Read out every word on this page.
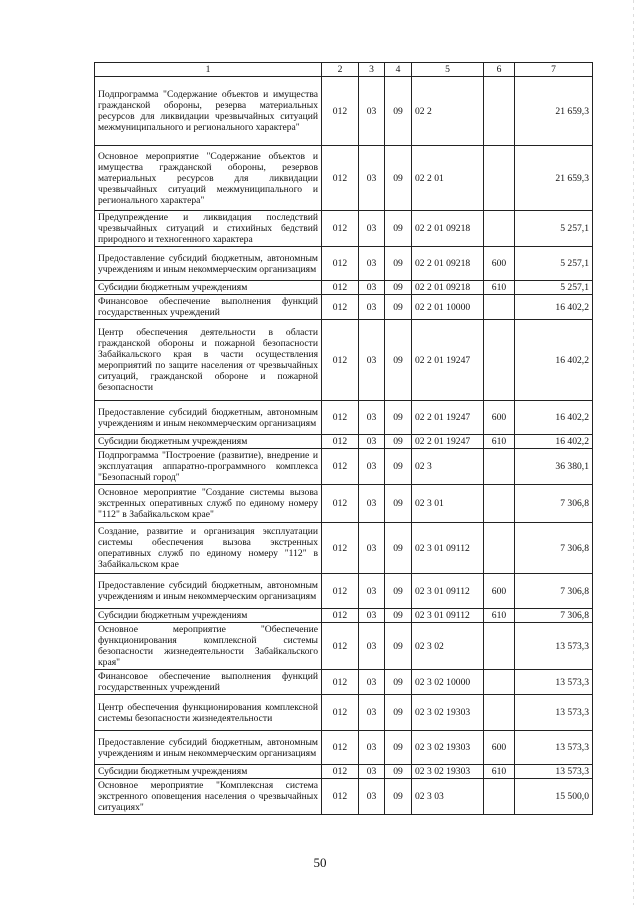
1	2	3	4	5	6	7
Подпрограмма "Содержание объектов и имущества гражданской обороны, резерва материальных ресурсов для ликвидации чрезвычайных ситуаций межмуниципального и регионального характера"	012	03	09	02 2		21 659,3
Основное мероприятие "Содержание объектов и имущества гражданской обороны, резервов материальных ресурсов для ликвидации чрезвычайных ситуаций межмуниципального и регионального характера"	012	03	09	02 2 01		21 659,3
Предупреждение и ликвидация последствий чрезвычайных ситуаций и стихийных бедствий природного и техногенного характера	012	03	09	02 2 01 09218		5 257,1
Предоставление субсидий бюджетным, автономным учреждениям и иным некоммерческим организациям	012	03	09	02 2 01 09218	600	5 257,1
Субсидии бюджетным учреждениям	012	03	09	02 2 01 09218	610	5 257,1
Финансовое обеспечение выполнения функций государственных учреждений	012	03	09	02 2 01 10000		16 402,2
Центр обеспечения деятельности в области гражданской обороны и пожарной безопасности Забайкальского края в части осуществления мероприятий по защите населения от чрезвычайных ситуаций, гражданской обороне и пожарной безопасности	012	03	09	02 2 01 19247		16 402,2
Предоставление субсидий бюджетным, автономным учреждениям и иным некоммерческим организациям	012	03	09	02 2 01 19247	600	16 402,2
Субсидии бюджетным учреждениям	012	03	09	02 2 01 19247	610	16 402,2
Подпрограмма "Построение (развитие), внедрение и эксплуатация аппаратно-программного комплекса "Безопасный город"	012	03	09	02 3		36 380,1
Основное мероприятие "Создание системы вызова экстренных оперативных служб по единому номеру "112" в Забайкальском крае"	012	03	09	02 3 01		7 306,8
Создание, развитие и организация эксплуатации системы обеспечения вызова экстренных оперативных служб по единому номеру "112" в Забайкальском крае	012	03	09	02 3 01 09112		7 306,8
Предоставление субсидий бюджетным, автономным учреждениям и иным некоммерческим организациям	012	03	09	02 3 01 09112	600	7 306,8
Субсидии бюджетным учреждениям	012	03	09	02 3 01 09112	610	7 306,8
Основное мероприятие "Обеспечение функционирования комплексной системы безопасности жизнедеятельности Забайкальского края"	012	03	09	02 3 02		13 573,3
Финансовое обеспечение выполнения функций государственных учреждений	012	03	09	02 3 02 10000		13 573,3
Центр обеспечения функционирования комплексной системы безопасности жизнедеятельности	012	03	09	02 3 02 19303		13 573,3
Предоставление субсидий бюджетным, автономным учреждениям и иным некоммерческим организациям	012	03	09	02 3 02 19303	600	13 573,3
Субсидии бюджетным учреждениям	012	03	09	02 3 02 19303	610	13 573,3
Основное мероприятие "Комплексная система экстренного оповещения населения о чрезвычайных ситуациях"	012	03	09	02 3 03		15 500,0
50
